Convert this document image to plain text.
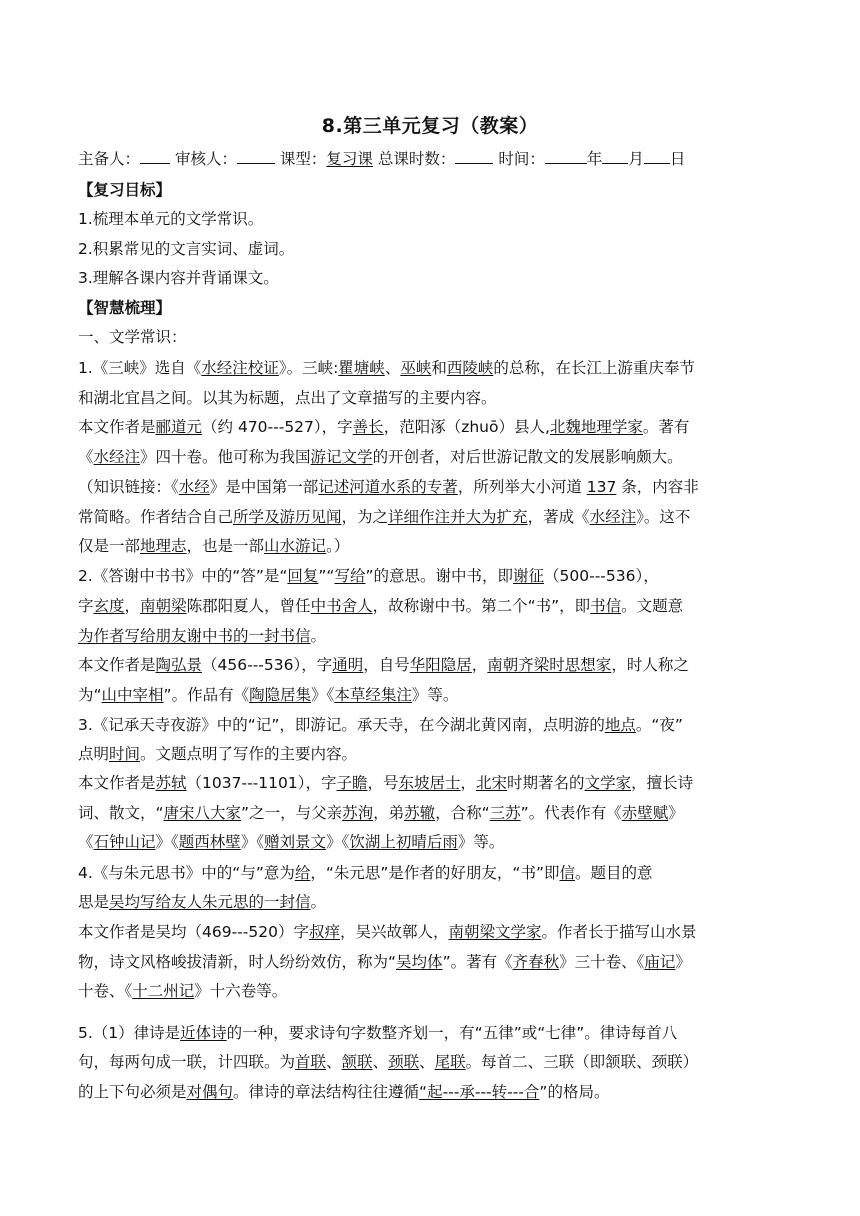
8.第三单元复习（教案）
主备人： 审核人：	课型：复习课 总课时数：	时间：	年 月 日
【复习目标】
1.梳理本单元的文学常识。
2.积累常见的文言实词、虚词。
3.理解各课内容并背诵课文。
【智慧梳理】
一、文学常识：
1.《三峡》选自《水经注校证》。三峡:瞿塘峡、巫峡和西陵峡的总称，在长江上游重庆奉节
和湖北宜昌之间。以其为标题，点出了文章描写的主要内容。
本文作者是郦道元（约 470---527），字善长，范阳涿（zhuō）县人,北魏地理学家。著有
《水经注》四十卷。他可称为我国游记文学的开创者，对后世游记散文的发展影响颇大。
（知识链接：《水经》是中国第一部记述河道水系的专著，所列举大小河道 137 条，内容非
常简略。作者结合自己所学及游历见闻，为之详细作注并大为扩充，著成《水经注》。这不
仅是一部地理志，也是一部山水游记。）
2.《答谢中书书》中的“答”是“回复”“写给”的意思。谢中书，即谢征（500---536），
字玄度，南朝梁陈郡阳夏人，曾任中书舍人，故称谢中书。第二个“书”，即书信。文题意
为作者写给朋友谢中书的一封书信。
本文作者是陶弘景（456---536），字通明，自号华阳隐居，南朝齐梁时思想家，时人称之
为“山中宰相”。作品有《陶隐居集》《本草经集注》等。
3.《记承天寺夜游》中的“记”，即游记。承天寺，在今湖北黄冈南，点明游的地点。“夜”
点明时间。文题点明了写作的主要内容。
本文作者是苏轼（1037---1101），字子瞻，号东坡居士，北宋时期著名的文学家，擅长诗
词、散文，“唐宋八大家”之一，与父亲苏洵，弟苏辙，合称“三苏”。代表作有《赤壁赋》
《石钟山记》《题西林壁》《赠刘景文》《饮湖上初晴后雨》等。
4.《与朱元思书》中的“与”意为给，“朱元思”是作者的好朋友，“书”即信。题目的意
思是吴均写给友人朱元思的一封信。
本文作者是吴均（469---520）字叔痒，吴兴故鄣人，南朝梁文学家。作者长于描写山水景
物，诗文风格峻拔清新，时人纷纷效仿，称为“吴均体”。著有《齐春秋》三十卷、《庙记》
十卷、《十二州记》十六卷等。
5.（1）律诗是近体诗的一种，要求诗句字数整齐划一，有“五律”或“七律”。律诗每首八
句，每两句成一联，计四联。为首联、颔联、颈联、尾联。每首二、三联（即颔联、颈联）
的上下句必须是对偶句。律诗的章法结构往往遵循“起---承---转---合”的格局。
